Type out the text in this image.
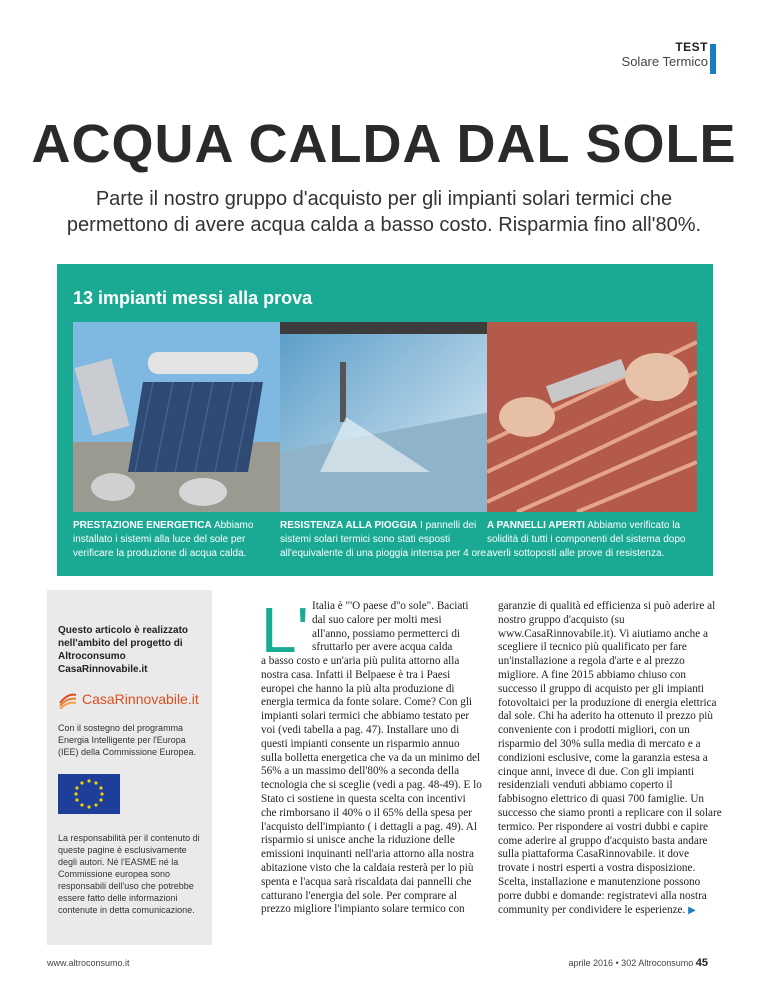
TEST
Solare Termico
ACQUA CALDA DAL SOLE
Parte il nostro gruppo d'acquisto per gli impianti solari termici che
permettono di avere acqua calda a basso costo. Risparmia fino all'80%.
13 impianti messi alla prova
PRESTAZIONE ENERGETICA Abbiamo installato i sistemi alla luce del sole per verificare la produzione di acqua calda.
RESISTENZA ALLA PIOGGIA I pannelli dei sistemi solari termici sono stati esposti all'equivalente di una pioggia intensa per 4 ore.
A PANNELLI APERTI Abbiamo verificato la solidità di tutti i componenti del sistema dopo averli sottoposti alle prove di resistenza.
Questo articolo è realizzato nell'ambito del progetto di Altroconsumo CasaRinnovabile.it
CasaRinnovabile.it
Con il sostegno del programma Energia Intelligente per l'Europa (IEE) della Commissione Europea.
La responsabilità per il contenuto di queste pagine è esclusivamente degli autori. Né l'EASME né la Commissione europea sono responsabili dell'uso che potrebbe essere fatto delle informazioni contenute in detta comunicazione.
L' Italia è "'O paese d''o sole". Baciati dal suo calore per molti mesi all'anno, possiamo permetterci di sfruttarlo per avere acqua calda

a basso costo e un'aria più pulita attorno alla nostra casa. Infatti il Belpaese è tra i Paesi europei che hanno la più alta produzione di energia termica da fonte solare. Come? Con gli impianti solari termici che abbiamo testato per voi (vedi tabella a pag. 47). Installare uno di questi impianti consente un risparmio annuo sulla bolletta energetica che va da un minimo del 56% a un massimo dell'80% a seconda della tecnologia che si sceglie (vedi a pag. 48-49). E lo Stato ci sostiene in questa scelta con incentivi che rimborsano il 40% o il 65% della spesa per l'acquisto dell'impianto ( i dettagli a pag. 49). Al risparmio si unisce anche la riduzione delle emissioni inquinanti nell'aria attorno alla nostra abitazione visto che la caldaia resterà per lo più spenta e l'acqua sarà riscaldata dai pannelli che catturano l'energia del sole. Per comprare al prezzo migliore l'impianto solare termico con

garanzie di qualità ed efficienza si può aderire al nostro gruppo d'acquisto (su www.CasaRinnovabile.it). Vi aiutiamo anche a scegliere il tecnico più qualificato per fare un'installazione a regola d'arte e al prezzo migliore. A fine 2015 abbiamo chiuso con successo il gruppo di acquisto per gli impianti fotovoltaici per la produzione di energia elettrica dal sole. Chi ha aderito ha ottenuto il prezzo più conveniente con i prodotti migliori, con un risparmio del 30% sulla media di mercato e a condizioni esclusive, come la garanzia estesa a cinque anni, invece di due. Con gli impianti residenziali venduti abbiamo coperto il fabbisogno elettrico di quasi 700 famiglie. Un successo che siamo pronti a replicare con il solare termico. Per rispondere ai vostri dubbi e capire come aderire al gruppo d'acquisto basta andare sulla piattaforma CasaRinnovabile. it dove trovate i nostri esperti a vostra disposizione. Scelta, installazione e manutenzione possono porre dubbi e domande: registratevi alla nostra community per condividere le esperienze. ▶

www.altroconsumo.it	aprile 2016 • 302 Altroconsumo 45
